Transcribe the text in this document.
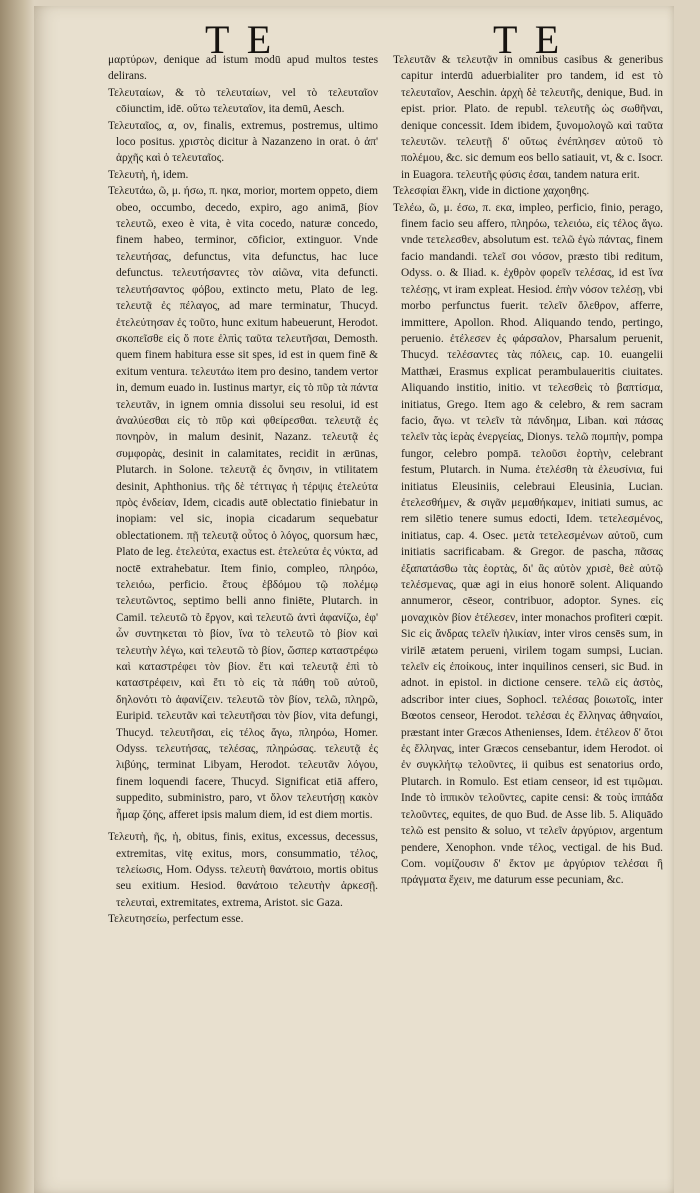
T E	T E

μαρτύρων, denique ad istum modū apud multos testes delirans.

Τελευταίων, & τὸ τελευταίων, vel τὸ τελευταῖον cōiunctim, idē. οὕτω τελευταῖον, ita demū, Aesch.

Τελευταῖος, α, ον, finalis, extremus, postremus, ultimo loco positus. χριστὸς dicitur à Nazanzeno in orat. ὁ ἀπ' ἀρχῆς καὶ ὁ τελευταῖος.

Τελευτὴ, ἡ, idem.

Τελευτάω, ῶ, μ. ήσω, π. ηκα, morior, mortem oppeto, diem obeo, occumbo, decedo, expiro, ago animā, βίον τελευτῶ, exeo è vita, è vita cocedo, naturæ concedo, finem habeo, terminor, cōficior, extinguor. Vnde τελευτήσας, defunctus, vita defunctus, hac luce defunctus. τελευτήσαντες τὸν αἰῶνα, vita defuncti. τελευτήσαντος φόβου, extincto metu, Plato de leg. τελευτᾷ ἐς πέλαγος, ad mare terminatur, Thucyd. ἐτελεύτησαν ἐς τοῦτο, hunc exitum habeuerunt, Herodot. σκοπεῖσθε εἰς ὅ ποτε ἐλπὶς ταῦτα τελευτῆσαι, Demosth. quem finem habitura esse sit spes, id est in quem finē & exitum ventura. τελευτάω item pro desino, tandem vertor in, demum euado in. Iustinus martyr, εἰς τὸ πῦρ τὰ πάντα τελευτᾶν, in ignem omnia dissolui seu resolui, id est ἀναλύεσθαι εἰς τὸ πῦρ καὶ φθείρεσθαι. τελευτᾷ ἐς πονηρὸν, in malum desinit, Nazanz. τελευτᾷ ἐς συμφορὰς, desinit in calamitates, recidit in ærūnas, Plutarch. in Solone. τελευτᾷ ἐς ὄνησιν, in vtilitatem desinit, Aphthonius. τῆς δὲ τέττιγας ἡ τέρψις ἐτελεύτα πρὸς ἐνδείαν, Idem, cicadis autē oblectatio finiebatur in inopiam: vel sic, inopia cicadarum sequebatur oblectationem. πῇ τελευτᾷ οὗτος ὁ λόγος, quorsum hæc, Plato de leg. ἐτελεύτα, exactus est. ἐτελεύτα ἐς νύκτα, ad noctē extrahebatur. Item finio, compleo, πληρόω, τελειόω, perficio. ἔτους ἑβδόμου τῷ πολέμῳ τελευτῶντος, septimo belli anno finiēte, Plutarch. in Camil. τελευτῶ τὸ ἔργον, καὶ τελευτῶ ἀντὶ ἀφανίζω, ἐφ' ὧν συντηκεται τὸ βίον, ἵνα τὸ τελευτῶ τὸ βίον καὶ τελευτὴν λέγω, καὶ τελευτῶ τὸ βίον, ὥσπερ καταστρέφω καὶ καταστρέφει τὸν βίον. ἔτι καὶ τελευτᾷ ἐπὶ τὸ καταστρέφειν, καὶ ἔτι τὸ εἰς τὰ πάθη τοῦ αὐτοῦ, δηλονότι τὸ ἀφανίζειν. τελευτῶ τὸν βίον, τελῶ, πληρῶ, Euripid. τελευτᾶν καὶ τελευτῆσαι τὸν βίον, vita defungi, Thucyd. τελευτῆσαι, εἰς τέλος ἄγω, πληρόω, Homer. Odyss. τελευτήσας, τελέσας, πληρώσας. τελευτᾷ ἐς λιβύης, terminat Libyam, Herodot. τελευτᾶν λόγου, finem loquendi facere, Thucyd. Significat etiā affero, suppedito, subministro, paro, vt ὅλον τελευτήσῃ κακὸν ἦμαρ ζόης, afferet ipsis malum diem, id est diem mortis.

Τελευτὴ, ῆς, ἡ, obitus, finis, exitus, excessus, decessus, extremitas, vitę exitus, mors, consummatio, τέλος, τελείωσις, Hom. Odyss. τελευτὴ θανάτοιο, mortis obitus seu exitium. Hesiod. θανάτοιο τελευτὴν ἀρκεσῇ. τελευταὶ, extremitates, extrema, Aristot. sic Gaza.

Τελευτησείω, perfectum esse.

Τελευτᾶν & τελευτᾷν in omnibus casibus & generibus capitur interdū aduerbialiter pro tandem, id est τὸ τελευταῖον, Aeschin. ἀρχὴ δὲ τελευτῆς, denique, Bud. in epist. prior. Plato. de republ. τελευτῆς ὡς σωθῆναι, denique concessit. Idem ibidem, ξυνομολογῶ καὶ ταῦτα τελευτῶν. τελευτῇ δ' οὕτως ἐνέπλησεν αὐτοῦ τὸ πολέμου, &c. sic demum eos bello satiauit, vt, & c. Isocr. in Euagora. τελευτῆς φύσις ἐσαι, tandem natura erit.

Τελεσφίαι ἕλκη, vide in dictione χαχοηθης.

Τελέω, ῶ, μ. έσω, π. εκα, impleo, perficio, finio, perago, finem facio seu affero, πληρόω, τελειόω, εἰς τέλος ἄγω. vnde τετελεσθεν, absolutum est. τελῶ ἐγὼ πάντας, finem facio mandandi. τελεῖ σοι νόσον, præsto tibi reditum, Odyss. o. & Iliad. κ. ἐχθρὸν φορεῖν τελέσας, id est ἵνα τελέσῃς, vt iram expleat. Hesiod. ἐπὴν νόσον τελέσῃ, vbi morbo perfunctus fuerit. τελεῖν ὄλεθρον, afferre, immittere, Apollon. Rhod. Aliquando tendo, pertingo, peruenio. ἐτέλεσεν ἐς φάρσαλον, Pharsalum peruenit, Thucyd. τελέσαντες τὰς πόλεις, cap. 10. euangelii Matthæi, Erasmus explicat perambulaueritis ciuitates. Aliquando institio, initio. vt τελεσθεὶς τὸ βαπτίσμα, initiatus, Grego. Item ago & celebro, & rem sacram facio, ἄγω. vt τελεῖν τὰ πάνδημα, Liban. καὶ πάσας τελεῖν τὰς ἱερὰς ἐνεργείας, Dionys. τελῶ πομπὴν, pompa fungor, celebro pompā. τελοῦσι ἑορτὴν, celebrant festum, Plutarch. in Numa. ἐτελέσθη τὰ ἐλευσίνια, fui initiatus Eleusiniis, celebraui Eleusinia, Lucian. ἐτελεσθήμεν, & σιγᾶν μεμαθήκαμεν, initiati sumus, ac rem silētio tenere sumus edocti, Idem. τετελεσμένος, initiatus, cap. 4. Osec. μετὰ τετελεσμένων αὐτοῦ, cum initiatis sacrificabam. & Gregor. de pascha, πᾶσας ἐξαπατάσθω τὰς ἑορτὰς, δι' ἃς αὐτὸν χρισὲ, θεὲ αὐτῷ τελέσμενας, quæ agi in eius honorē solent. Aliquando annumeror, cēseor, contribuor, adoptor. Synes. εἰς μοναχικὸν βίον ἐτέλεσεν, inter monachos profiteri cœpit. Sic εἰς ἄνδρας τελεῖν ἡλικίαν, inter viros censēs sum, in virilē ætatem perueni, virilem togam sumpsi, Lucian. τελεῖν εἰς ἐποίκους, inter inquilinos censeri, sic Bud. in adnot. in epistol. in dictione censere. τελῶ εἰς ἀστὸς, adscribor inter ciues, Sophocl. τελέσας βοιωτοῖς, inter Bœotos censeor, Herodot. τελέσαι ἐς ἕλληνας ἀθηναίοι, præstant inter Græcos Athenienses, Idem. ἐτέλεον δ' ὅτοι ἐς ἕλληνας, inter Græcos censebantur, idem Herodot. οἱ ἐν συγκλήτῳ τελοῦντες, ii quibus est senatorius ordo, Plutarch. in Romulo. Est etiam censeor, id est τιμῶμαι. Inde τὸ ἱππικὸν τελοῦντες, capite censi: & τοὺς ἱππάδα τελοῦντες, equites, de quo Bud. de Asse lib. 5. Aliquādo τελῶ est pensito & soluo, vt τελεῖν ἀργύριον, argentum pendere, Xenophon. vnde τέλος, vectigal. de his Bud. Com. νομίζουσιν δ' ἔκτον με ἀργύριον τελέσαι ἢ πράγματα ἔχειν, me daturum esse pecuniam, &c.
